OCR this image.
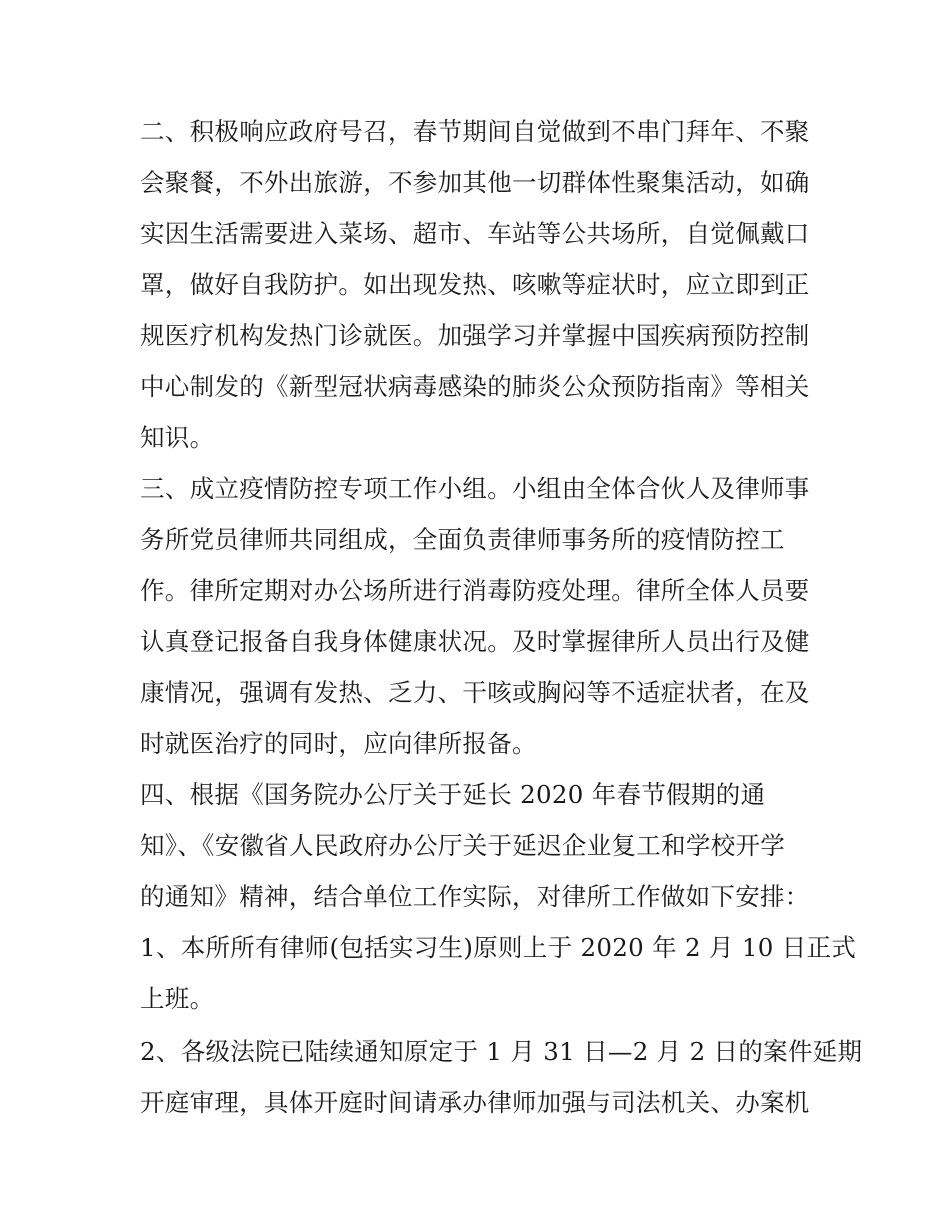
二、积极响应政府号召，春节期间自觉做到不串门拜年、不聚
会聚餐，不外出旅游，不参加其他一切群体性聚集活动，如确
实因生活需要进入菜场、超市、车站等公共场所，自觉佩戴口
罩，做好自我防护。如出现发热、咳嗽等症状时，应立即到正
规医疗机构发热门诊就医。加强学习并掌握中国疾病预防控制
中心制发的《新型冠状病毒感染的肺炎公众预防指南》等相关
知识。
三、成立疫情防控专项工作小组。小组由全体合伙人及律师事
务所党员律师共同组成，全面负责律师事务所的疫情防控工
作。律所定期对办公场所进行消毒防疫处理。律所全体人员要
认真登记报备自我身体健康状况。及时掌握律所人员出行及健
康情况，强调有发热、乏力、干咳或胸闷等不适症状者，在及
时就医治疗的同时，应向律所报备。
四、根据《国务院办公厅关于延长 2020 年春节假期的通
知》、《安徽省人民政府办公厅关于延迟企业复工和学校开学
的通知》精神，结合单位工作实际，对律所工作做如下安排：
1、本所所有律师(包括实习生)原则上于 2020 年 2 月 10 日正式
上班。
2、各级法院已陆续通知原定于 1 月 31 日—2 月 2 日的案件延期
开庭审理，具体开庭时间请承办律师加强与司法机关、办案机
